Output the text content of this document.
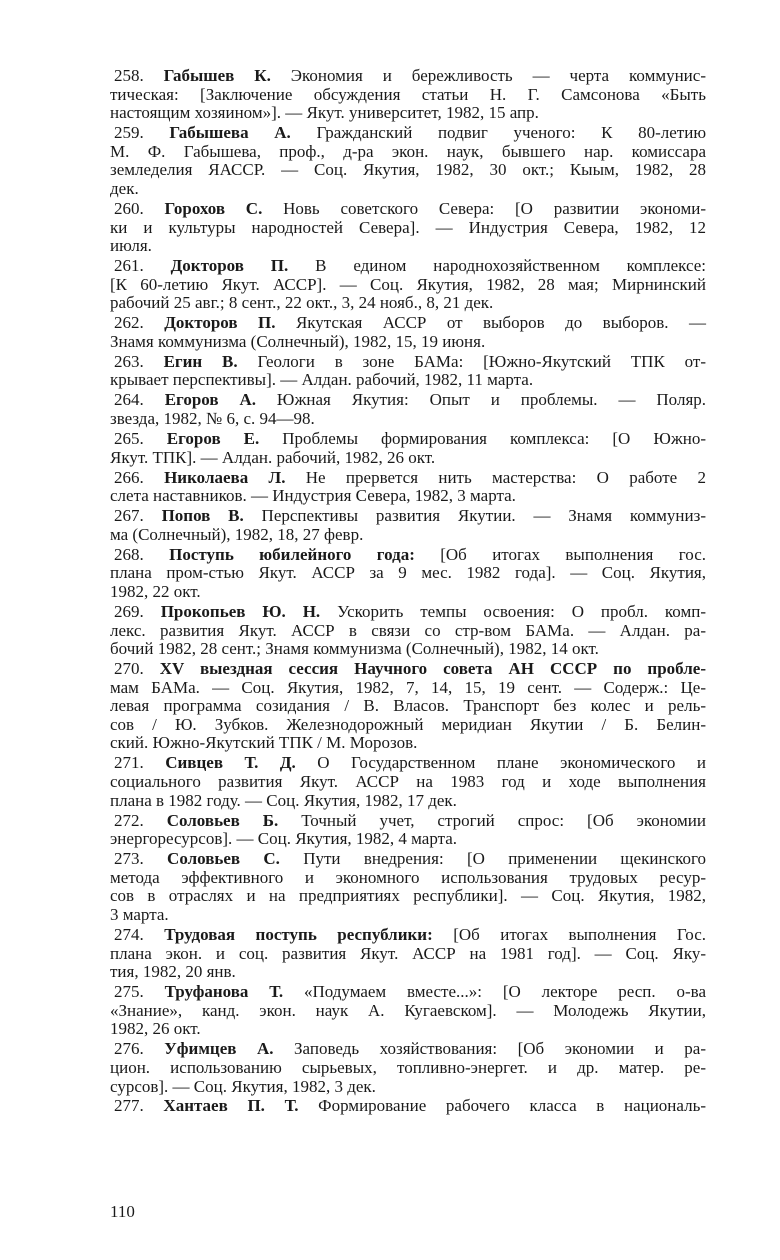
258. Габышев К. Экономия и бережливость — черта коммунис-
тическая: [Заключение обсуждения статьи Н. Г. Самсонова «Быть
настоящим хозяином»]. — Якут. университет, 1982, 15 апр.
259. Габышева А. Гражданский подвиг ученого: К 80-летию
М. Ф. Габышева, проф., д-ра экон. наук, бывшего нар. комиссара
земледелия ЯАССР. — Соц. Якутия, 1982, 30 окт.; Кыым, 1982, 28
дек.
260. Горохов С. Новь советского Севера: [О развитии экономи-
ки и культуры народностей Севера]. — Индустрия Севера, 1982, 12
июля.
261. Докторов П. В едином народнохозяйственном комплексе:
[К 60-летию Якут. АССР]. — Соц. Якутия, 1982, 28 мая; Мирнинский
рабочий 25 авг.; 8 сент., 22 окт., 3, 24 нояб., 8, 21 дек.
262. Докторов П. Якутская АССР от выборов до выборов. —
Знамя коммунизма (Солнечный), 1982, 15, 19 июня.
263. Егин В. Геологи в зоне БАМа: [Южно-Якутский ТПК от-
крывает перспективы]. — Алдан. рабочий, 1982, 11 марта.
264. Егоров А. Южная Якутия: Опыт и проблемы. — Поляр.
звезда, 1982, № 6, с. 94—98.
265. Егоров Е. Проблемы формирования комплекса: [О Южно-
Якут. ТПК]. — Алдан. рабочий, 1982, 26 окт.
266. Николаева Л. Не прервется нить мастерства: О работе 2
слета наставников. — Индустрия Севера, 1982, 3 марта.
267. Попов В. Перспективы развития Якутии. — Знамя коммуниз-
ма (Солнечный), 1982, 18, 27 февр.
268. Поступь юбилейного года: [Об итогах выполнения гос.
плана пром-стью Якут. АССР за 9 мес. 1982 года]. — Соц. Якутия,
1982, 22 окт.
269. Прокопьев Ю. Н. Ускорить темпы освоения: О пробл. комп-
лекс. развития Якут. АССР в связи со стр-вом БАМа. — Алдан. ра-
бочий 1982, 28 сент.; Знамя коммунизма (Солнечный), 1982, 14 окт.
270. XV выездная сессия Научного совета АН СССР по пробле-
мам БАМа. — Соц. Якутия, 1982, 7, 14, 15, 19 сент. — Содерж.: Це-
левая программа созидания / В. Власов. Транспорт без колес и рель-
сов / Ю. Зубков. Железнодорожный меридиан Якутии / Б. Белин-
ский. Южно-Якутский ТПК / М. Морозов.
271. Сивцев Т. Д. О Государственном плане экономического и
социального развития Якут. АССР на 1983 год и ходе выполнения
плана в 1982 году. — Соц. Якутия, 1982, 17 дек.
272. Соловьев Б. Точный учет, строгий спрос: [Об экономии
энергоресурсов]. — Соц. Якутия, 1982, 4 марта.
273. Соловьев С. Пути внедрения: [О применении щекинского
метода эффективного и экономного использования трудовых ресур-
сов в отраслях и на предприятиях республики]. — Соц. Якутия, 1982,
3 марта.
274. Трудовая поступь республики: [Об итогах выполнения Гос.
плана экон. и соц. развития Якут. АССР на 1981 год]. — Соц. Яку-
тия, 1982, 20 янв.
275. Труфанова Т. «Подумаем вместе...»: [О лекторе респ. о-ва
«Знание», канд. экон. наук А. Кугаевском]. — Молодежь Якутии,
1982, 26 окт.
276. Уфимцев А. Заповедь хозяйствования: [Об экономии и ра-
цион. использованию сырьевых, топливно-энергет. и др. матер. ре-
сурсов]. — Соц. Якутия, 1982, 3 дек.
277. Хантаев П. Т. Формирование рабочего класса в националь-
110
